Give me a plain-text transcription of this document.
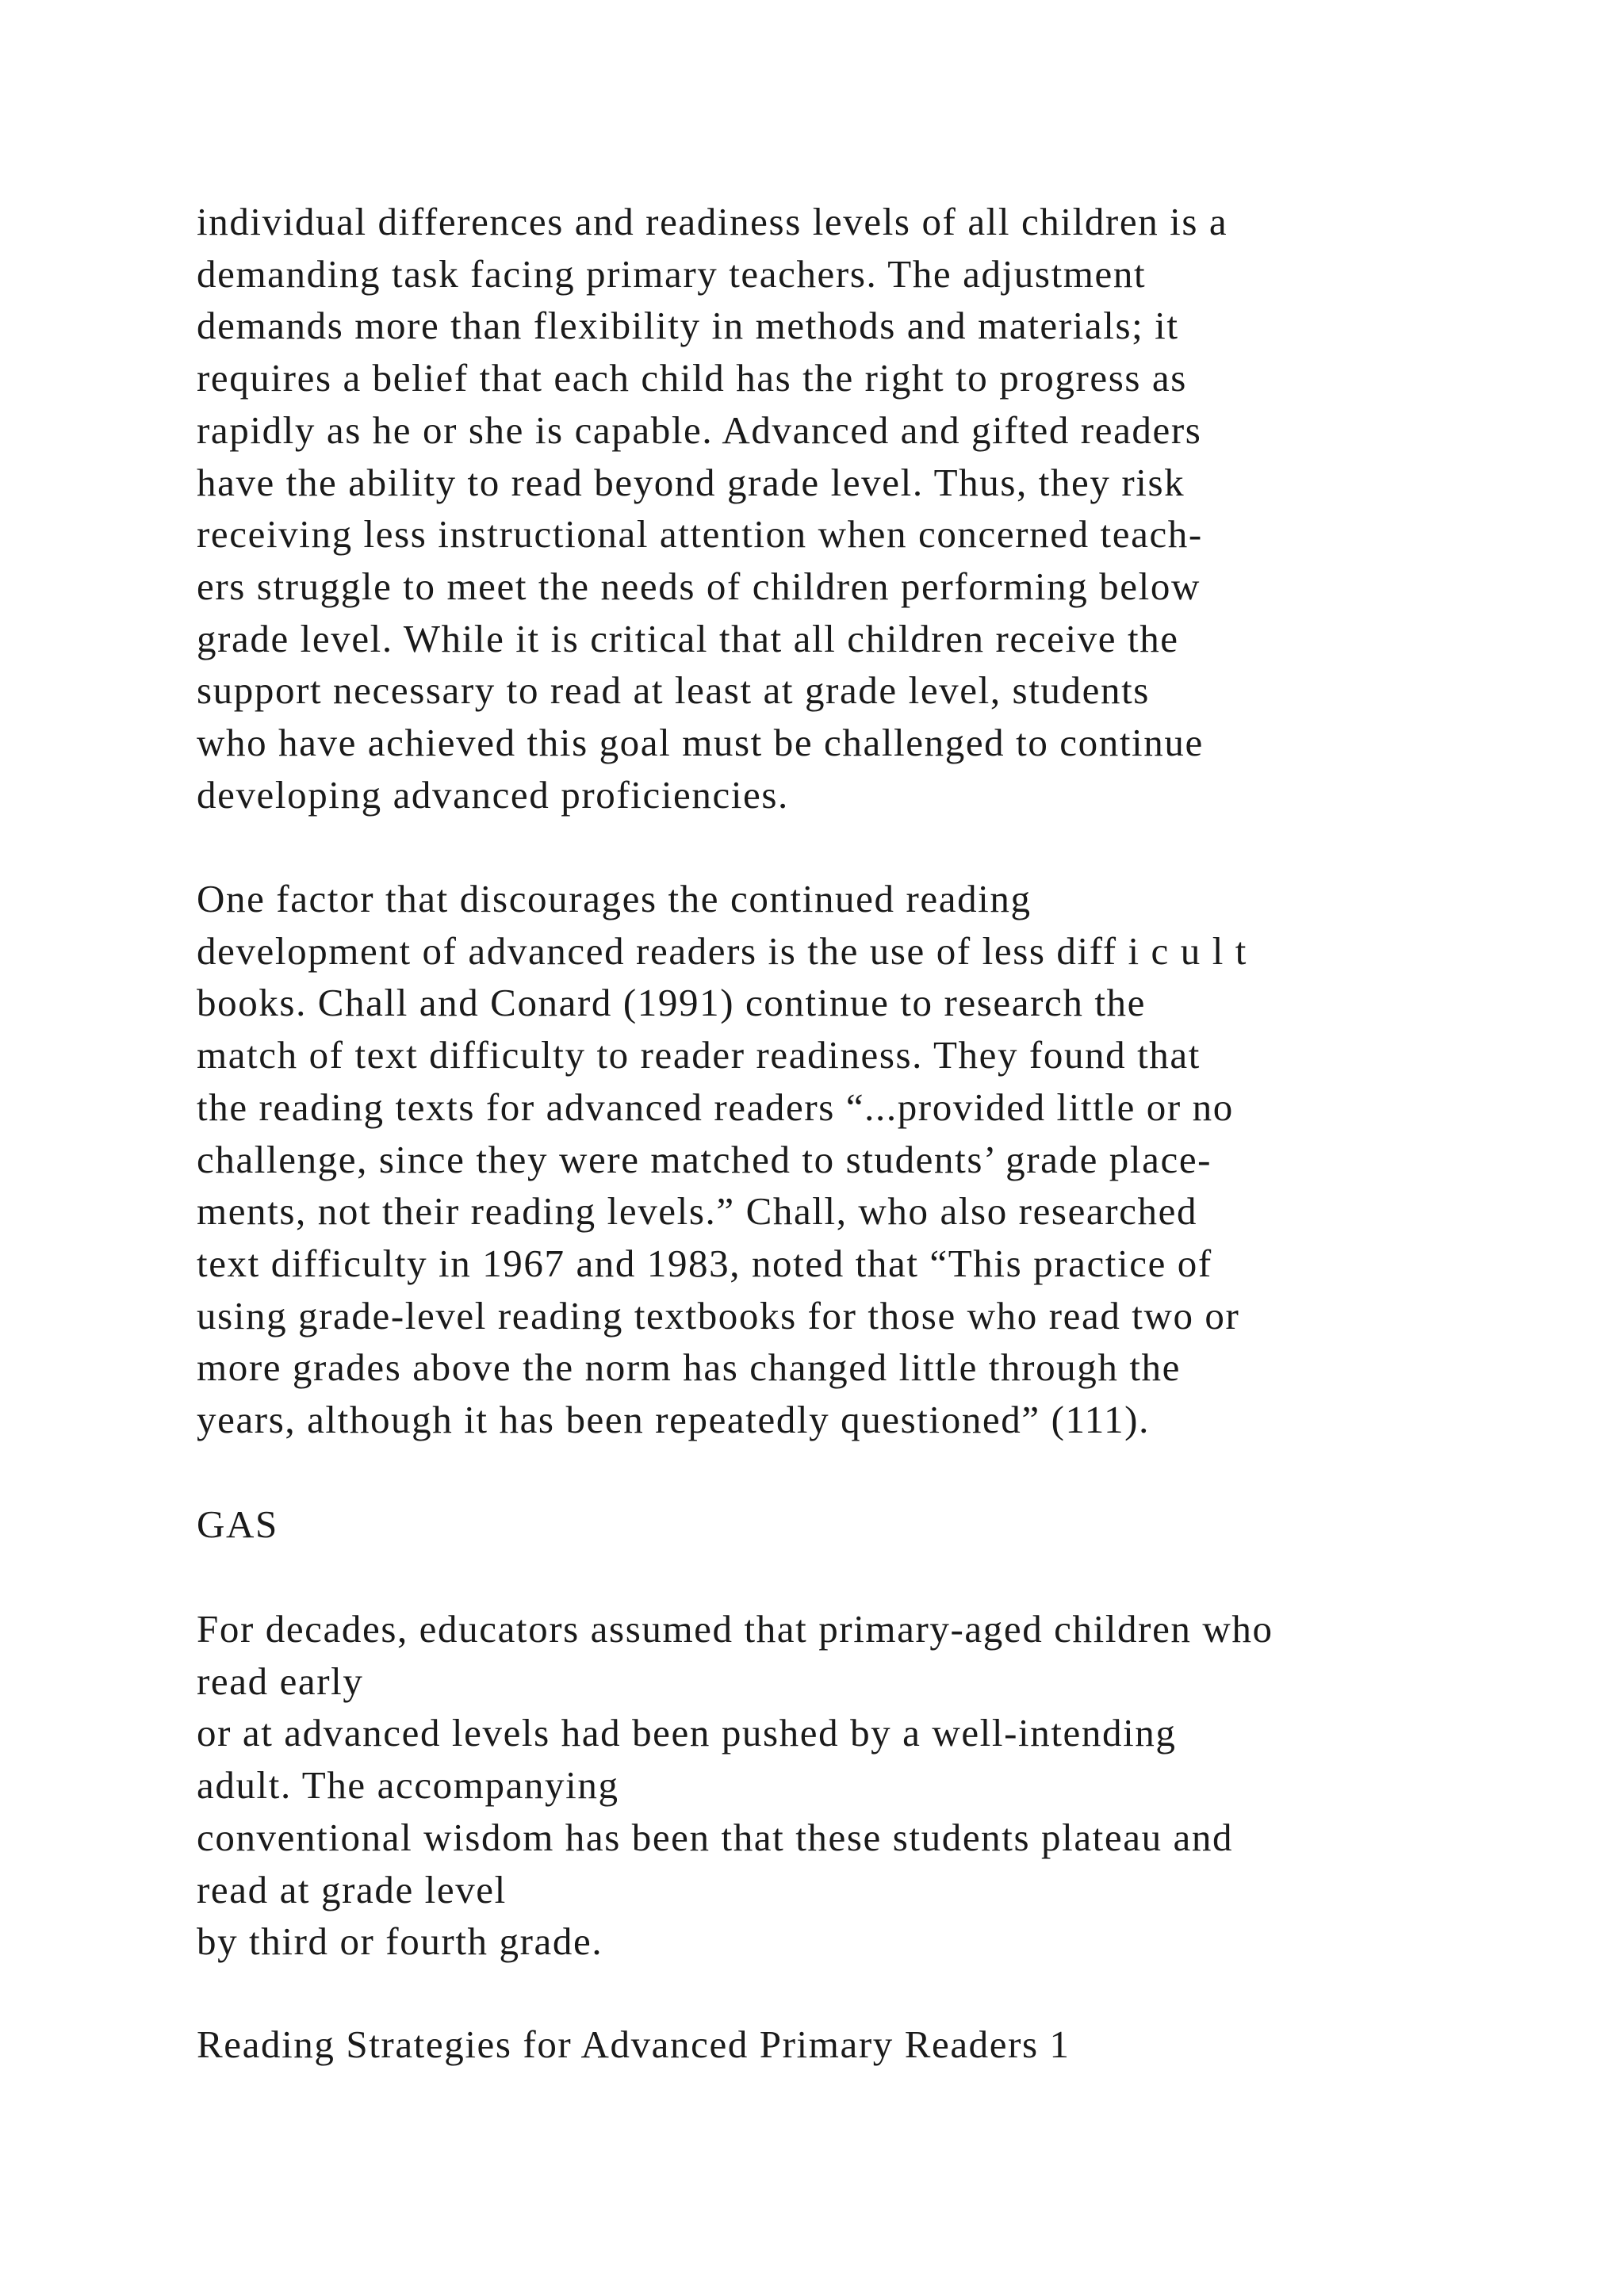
individual differences and readiness levels of all children is a
demanding task facing primary teachers. The adjustment
demands more than flexibility in methods and materials; it
requires a belief that each child has the right to progress as
rapidly as he or she is capable. Advanced and gifted readers
have the ability to read beyond grade level. Thus, they risk
receiving less instructional attention when concerned teach-
ers struggle to meet the needs of children performing below
grade level. While it is critical that all children receive the
support necessary to read at least at grade level, students
who have achieved this goal must be challenged to continue
developing advanced proficiencies.
One factor that discourages the continued reading
development of advanced readers is the use of less diff i c u l t
books. Chall and Conard (1991) continue to research the
match of text difficulty to reader readiness. They found that
the reading texts for advanced readers “...provided little or no
challenge, since they were matched to students’ grade place-
ments, not their reading levels.” Chall, who also researched
text difficulty in 1967 and 1983, noted that “This practice of
using grade-level reading textbooks for those who read two or
more grades above the norm has changed little through the
years, although it has been repeatedly questioned” (111).
GAS
For decades, educators assumed that primary-aged children who
read early
or at advanced levels had been pushed by a well-intending
adult. The accompanying
conventional wisdom has been that these students plateau and
read at grade level
by third or fourth grade.
Reading Strategies for Advanced Primary Readers 1
